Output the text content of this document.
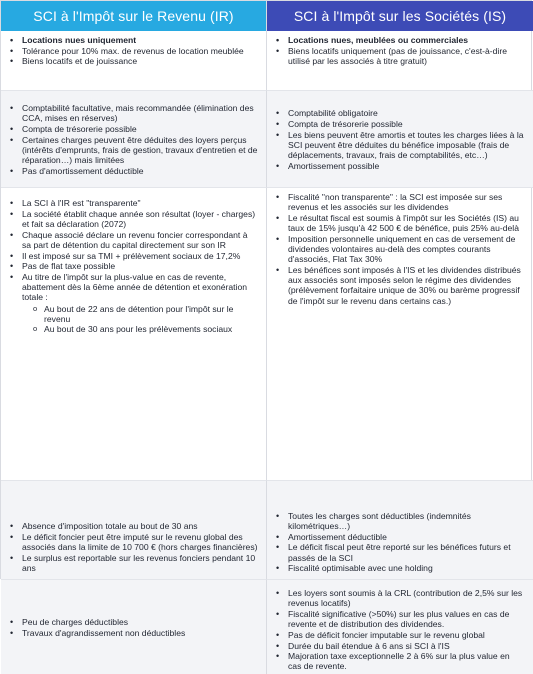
SCI à l'Impôt sur le Revenu (IR)	SCI à l'Impôt sur les Sociétés (IS)
• Locations nues uniquement
• Tolérance pour 10% max. de revenus de location meublée
• Biens locatifs et de jouissance
• Locations nues, meublées ou commerciales
• Biens locatifs uniquement (pas de jouissance, c'est-à-dire utilisé par les associés à titre gratuit)
• Comptabilité facultative, mais recommandée (élimination des CCA, mises en réserves)
• Compta de trésorerie possible
• Certaines charges peuvent être déduites des loyers perçus (intérêts d'emprunts, frais de gestion, travaux d'entretien et de réparation…) mais limitées
• Pas d'amortissement déductible
• Comptabilité obligatoire
• Compta de trésorerie possible
• Les biens peuvent être amortis et toutes les charges liées à la SCI peuvent être déduites du bénéfice imposable (frais de déplacements, travaux, frais de comptabilités, etc…)
• Amortissement possible
• La SCI à l'IR est "transparente"
• La société établit chaque année son résultat (loyer - charges) et fait sa déclaration (2072)
• Chaque associé déclare un revenu foncier correspondant à sa part de détention du capital directement sur son IR
• Il est imposé sur sa TMI + prélèvement sociaux de 17,2%
• Pas de flat taxe possible
• Au titre de l'impôt sur la plus-value en cas de revente, abattement dès la 6ème année de détention et exonération totale :
o Au bout de 22 ans de détention pour l'impôt sur le revenu
o Au bout de 30 ans pour les prélèvements sociaux
• Fiscalité "non transparente" : la SCI est imposée sur ses revenus et les associés sur les dividendes
• Le résultat fiscal est soumis à l'impôt sur les Sociétés (IS) au taux de 15% jusqu'à 42 500 € de bénéfice, puis 25% au-delà
• Imposition personnelle uniquement en cas de versement de dividendes volontaires au-delà des comptes courants d'associés, Flat Tax 30%
• Les bénéfices sont imposés à l'IS et les dividendes distribués aux associés sont imposés selon le régime des dividendes (prélèvement forfaitaire unique de 30% ou barème progressif de l'impôt sur le revenu dans certains cas.)
• Absence d'imposition totale au bout de 30 ans
• Le déficit foncier peut être imputé sur le revenu global des associés dans la limite de 10 700 € (hors charges financières)
• Le surplus est reportable sur les revenus fonciers pendant 10 ans
• Toutes les charges sont déductibles (indemnités kilométriques…)
• Amortissement déductible
• Le déficit fiscal peut être reporté sur les bénéfices futurs et passés de la SCI
• Fiscalité optimisable avec une holding
• Peu de charges déductibles
• Travaux d'agrandissement non déductibles
• Les loyers sont soumis à la CRL (contribution de 2,5% sur les revenus locatifs)
• Fiscalité significative (>50%) sur les plus values en cas de revente et de distribution des dividendes.
• Pas de déficit foncier imputable sur le revenu global
• Durée du bail étendue à 6 ans si SCI à l'IS
• Majoration taxe exceptionnelle 2 à 6% sur la plus value en cas de revente.
